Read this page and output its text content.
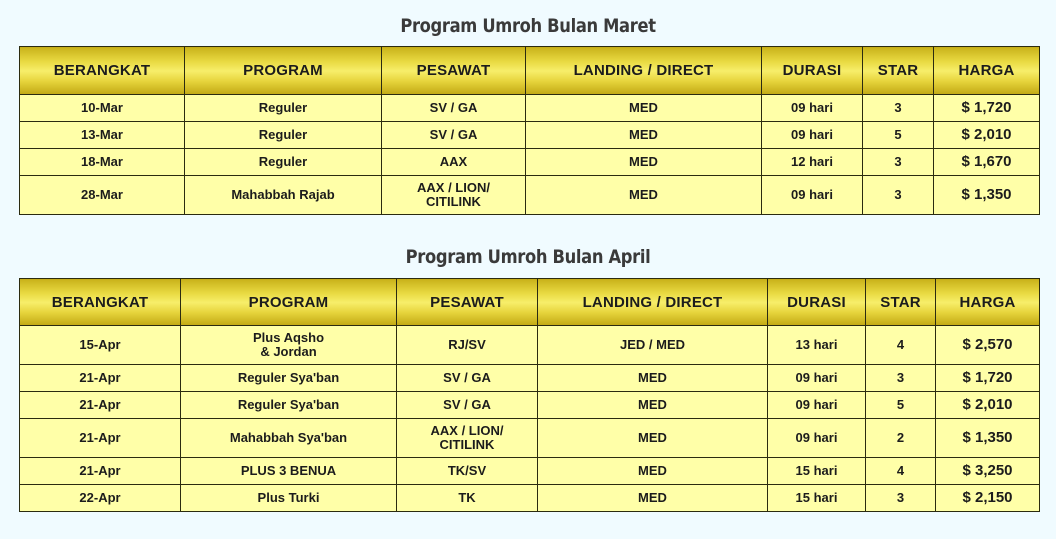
Program Umroh Bulan Maret
BERANGKAT	PROGRAM	PESAWAT	LANDING / DIRECT	DURASI	STAR	HARGA
10-Mar	Reguler	SV / GA	MED	09 hari	3	$ 1,720
13-Mar	Reguler	SV / GA	MED	09 hari	5	$ 2,010
18-Mar	Reguler	AAX	MED	12 hari	3	$ 1,670
28-Mar	Mahabbah Rajab	AAX / LION/
CITILINK	MED	09 hari	3	$ 1,350
Program Umroh Bulan April
BERANGKAT	PROGRAM	PESAWAT	LANDING / DIRECT	DURASI	STAR	HARGA
15-Apr	Plus Aqsho
& Jordan	RJ/SV	JED / MED	13 hari	4	$ 2,570
21-Apr	Reguler Sya'ban	SV / GA	MED	09 hari	3	$ 1,720
21-Apr	Reguler Sya'ban	SV / GA	MED	09 hari	5	$ 2,010
21-Apr	Mahabbah Sya'ban	AAX / LION/
CITILINK	MED	09 hari	2	$ 1,350
21-Apr	PLUS 3 BENUA	TK/SV	MED	15 hari	4	$ 3,250
22-Apr	Plus Turki	TK	MED	15 hari	3	$ 2,150
